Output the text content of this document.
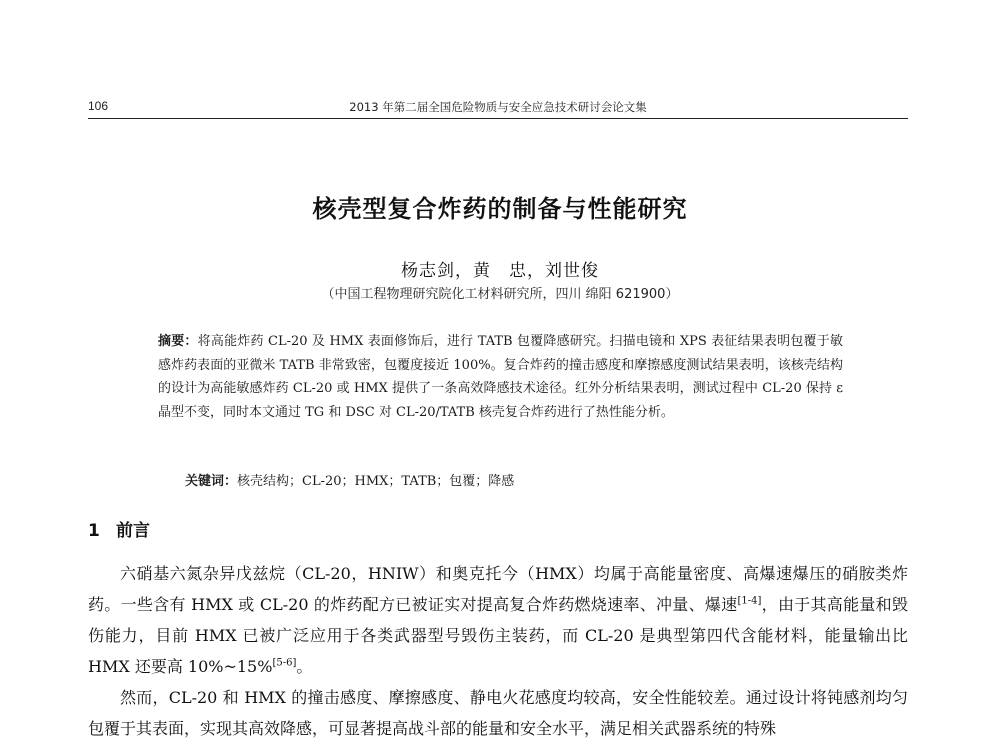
106	2013 年第二届全国危险物质与安全应急技术研讨会论文集
核壳型复合炸药的制备与性能研究
杨志剑，黄　忠，刘世俊
（中国工程物理研究院化工材料研究所，四川 绵阳 621900）
摘要：将高能炸药 CL-20 及 HMX 表面修饰后，进行 TATB 包覆降感研究。扫描电镜和 XPS 表征结果表明包覆于敏感炸药表面的亚微米 TATB 非常致密，包覆度接近 100%。复合炸药的撞击感度和摩擦感度测试结果表明，该核壳结构的设计为高能敏感炸药 CL-20 或 HMX 提供了一条高效降感技术途径。红外分析结果表明，测试过程中 CL-20 保持 ε 晶型不变，同时本文通过 TG 和 DSC 对 CL-20/TATB 核壳复合炸药进行了热性能分析。
关键词：核壳结构；CL-20；HMX；TATB；包覆；降感
1 前言

六硝基六氮杂异戊兹烷（CL-20，HNIW）和奥克托今（HMX）均属于高能量密度、高爆速爆压的硝胺类炸药。一些含有 HMX 或 CL-20 的炸药配方已被证实对提高复合炸药燃烧速率、冲量、爆速[1-4]，由于其高能量和毁伤能力，目前 HMX 已被广泛应用于各类武器型号毁伤主装药，而 CL-20 是典型第四代含能材料，能量输出比 HMX 还要高 10%~15%[5-6]。

然而，CL-20 和 HMX 的撞击感度、摩擦感度、静电火花感度均较高，安全性能较差。通过设计将钝感剂均匀包覆于其表面，实现其高效降感，可显著提高战斗部的能量和安全水平，满足相关武器系统的特殊
